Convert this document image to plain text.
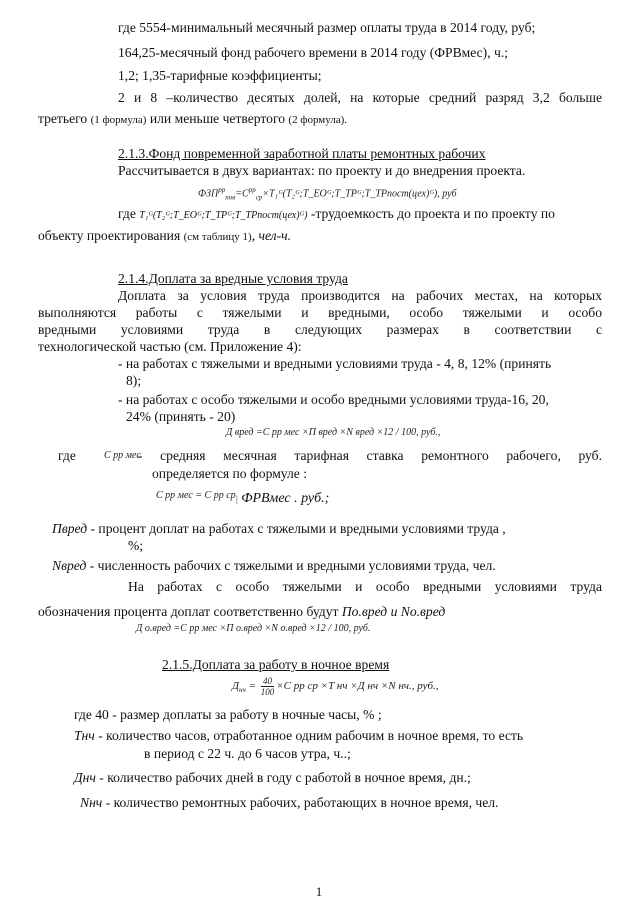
где 5554-минимальный месячный размер оплаты труда в 2014 году, руб;
164,25-месячный фонд рабочего времени в 2014 году (ФРВмес), ч.;
1,2; 1,35-тарифные коэффициенты;
2 и 8 –количество десятых долей, на которые средний разряд 3,2 больше
третьего (1 формула) или меньше четвертого (2 формула).
2.1.3.Фонд повременной заработной платы ремонтных рабочих
Рассчитывается в двух вариантах: по проекту и до внедрения проекта.
$ФЗП^{рр}_{пов}=C^{рр}_{ср}\times T_1ᴳ(T_2ᴳ;T\_EOᴳ;T\_TPᴳ;T\_TPпост(цех)ᴳ)$, руб
где T₁ᴳ(T₂ᴳ;T_EOᴳ;T_TPᴳ;T_TPпост(цех)ᴳ) -трудоемкость до проекта и по проекту по
объекту проектирования (см таблицу 1), чел-ч.
2.1.4.Доплата за вредные условия труда
Доплата за условия труда производится на рабочих местах, на которых
выполняются работы с тяжелыми и вредными, особо тяжелыми и особо
вредными условиями труда в следующих размерах в соответствии с
технологической частью (см. Приложение 4):
- на работах с тяжелыми и вредными условиями труда - 4, 8, 12% (принять
8);
- на работах с особо тяжелыми и особо вредными условиями труда-16, 20,
24% (принять - 20)
Д вред =C рр мес ×П вред ×N вред ×12 / 100, руб.,
где	C рр мес
- средняя месячная тарифная ставка ремонтного рабочего, руб.
определяется по формуле :
C рр мес = C рр ср | ФРВмес . руб.;
Пвред - процент доплат на работах с тяжелыми и вредными условиями труда ,
%;
Nвред - численность рабочих с тяжелыми и вредными условиями труда, чел.
На работах с особо тяжелыми и особо вредными условиями труда
обозначения процента доплат соответственно будут По.вред и No.вред
Д о.вред =C рр мес ×П о.вред ×N о.вред ×12 / 100, руб.
2.1.5.Доплата за работу в ночное время
$Д_{нч} = \frac{40}{100} \times C$ рр ср ×T нч ×Д нч ×N нч., руб.,
где 40 - размер доплаты за работу в ночные часы, % ;
Тнч - количество часов, отработанное одним рабочим в ночное время, то есть
в период с 22 ч. до 6 часов утра, ч..;
Днч - количество рабочих дней в году с работой в ночное время, дн.;
Nнч - количество ремонтных рабочих, работающих в ночное время, чел.
1
